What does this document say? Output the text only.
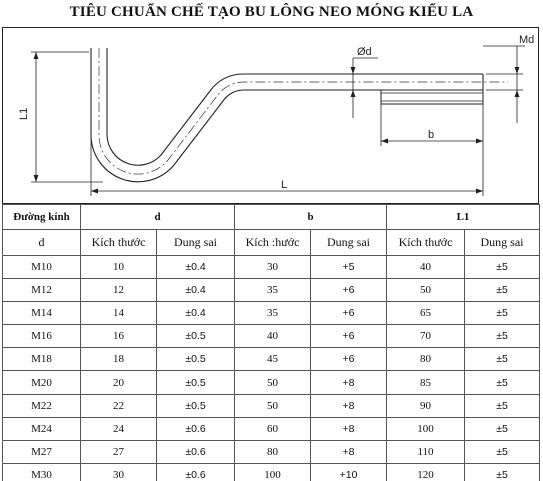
TIÊU CHUẨN CHẾ TẠO BU LÔNG NEO MÓNG KIỂU LA
Ød
Md
L1
b
L
Đường kính	d		b		L1	
d	Kích thước	Dung sai	Kích :hước	Dung sai	Kích thước	Dung sai
M10	10	±0.4	30	+5	40	±5
M12	12	±0.4	35	+6	50	±5
M14	14	±0.4	35	+6	65	±5
M16	16	±0.5	40	+6	70	±5
M18	18	±0.5	45	+6	80	±5
M20	20	±0.5	50	+8	85	±5
M22	22	±0.5	50	+8	90	±5
M24	24	±0.6	60	+8	100	±5
M27	27	±0.6	80	+8	110	±5
M30	30	±0.6	100	+10	120	±5
